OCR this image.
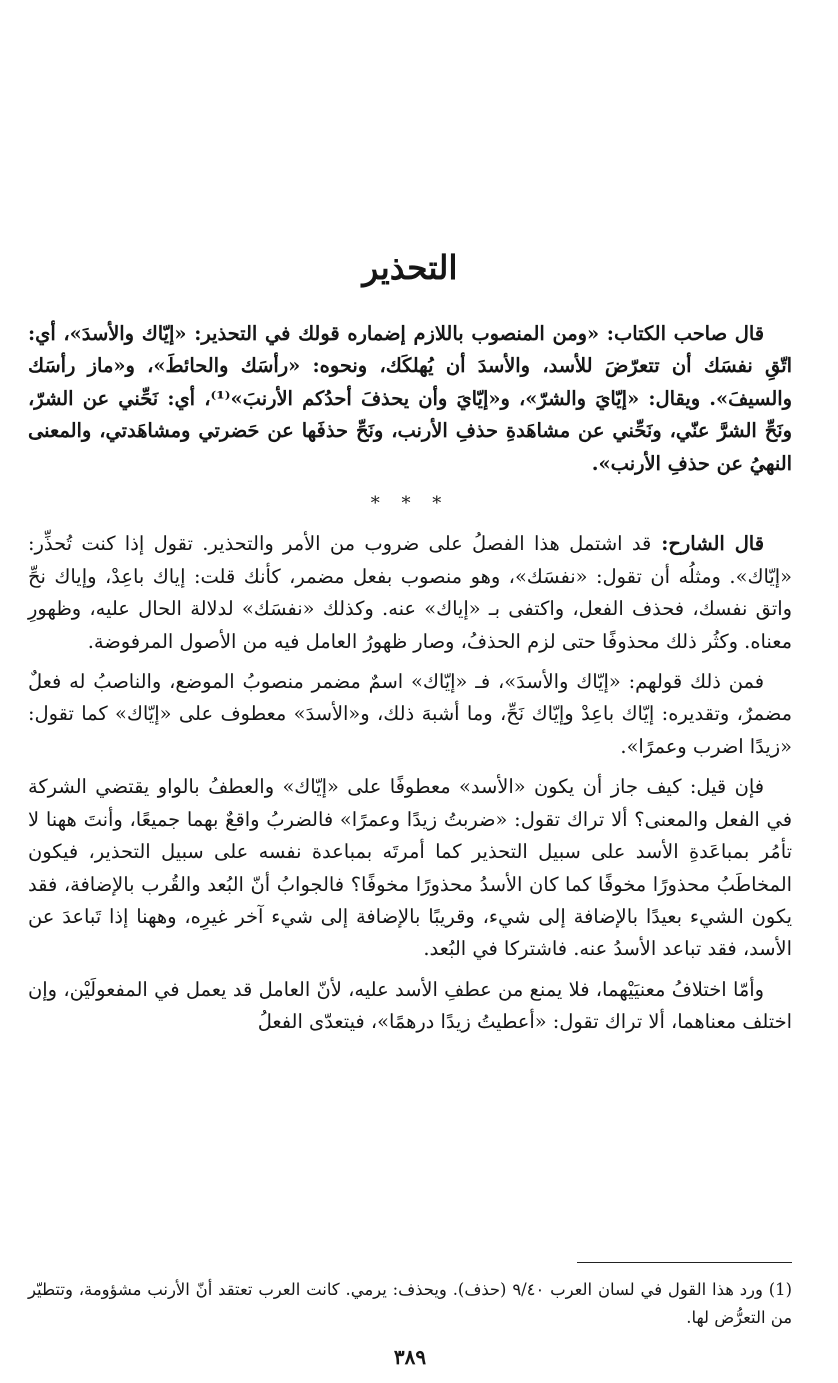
التحذير

قال صاحب الكتاب: «ومن المنصوب باللازم إضماره قولك في التحذير: «إيّاك والأسدَ»، أي: اتّقِ نفسَك أن تتعرّضَ للأسد، والأسدَ أن يُهلكَك، ونحوه: «رأسَك والحائطَ»، و«ماز رأسَك والسيفَ». ويقال: «إيّايَ والشرّ»، و«إيّايَ وأن يحذفَ أحدُكم الأرنبَ»⁽¹⁾، أي: نَحِّني عن الشرّ، ونَحِّ الشرَّ عنّي، ونَحِّني عن مشاهَدةِ حذفِ الأرنب، ونَحِّ حذفَها عن حَضرتي ومشاهَدتي، والمعنى النهيُ عن حذفِ الأرنب».

* * *

قال الشارح: قد اشتمل هذا الفصلُ على ضروب من الأمر والتحذير. تقول إذا كنت تُحذِّر: «إيّاك». ومثلُه أن تقول: «نفسَك»، وهو منصوب بفعل مضمر، كأنك قلت: إياك باعِدْ، وإياك نحِّ واتق نفسك، فحذف الفعل، واكتفى بـ «إياك» عنه. وكذلك «نفسَك» لدلالة الحال عليه، وظهورِ معناه. وكثُر ذلك محذوفًا حتى لزم الحذفُ، وصار ظهورُ العامل فيه من الأصول المرفوضة.

فمن ذلك قولهم: «إيّاك والأسدَ»، فـ «إيّاك» اسمٌ مضمر منصوبُ الموضع، والناصبُ له فعلٌ مضمرٌ، وتقديره: إيّاك باعِدْ وإيّاك نَحِّ، وما أشبهَ ذلك، و«الأسدَ» معطوف على «إيّاك» كما تقول: «زيدًا اضرب وعمرًا».

فإن قيل: كيف جاز أن يكون «الأسد» معطوفًا على «إيّاك» والعطفُ بالواو يقتضي الشركة في الفعل والمعنى؟ ألا تراك تقول: «ضربتُ زيدًا وعمرًا» فالضربُ واقعٌ بهما جميعًا، وأنتَ ههنا لا تأمُر بمباعَدةِ الأسد على سبيل التحذير كما أمرتَه بمباعدة نفسه على سبيل التحذير، فيكون المخاطَبُ محذورًا مخوفًا كما كان الأسدُ محذورًا مخوفًا؟ فالجوابُ أنّ البُعد والقُرب بالإضافة، فقد يكون الشيء بعيدًا بالإضافة إلى شيء، وقريبًا بالإضافة إلى شيء آخر غيرِه، وههنا إذا تَباعدَ عن الأسد، فقد تباعد الأسدُ عنه. فاشتركا في البُعد.

وأمّا اختلافُ معنيَيْهما، فلا يمنع من عطفِ الأسد عليه، لأنّ العامل قد يعمل في المفعولَيْن، وإن اختلف معناهما، ألا تراك تقول: «أعطيتُ زيدًا درهمًا»، فيتعدّى الفعلُ

(1) ورد هذا القول في لسان العرب ٩/٤٠ (حذف). ويحذف: يرمي. كانت العرب تعتقد أنّ الأرنب مشؤومة، وتتطيّر من التعرُّض لها.
٣٨٩
